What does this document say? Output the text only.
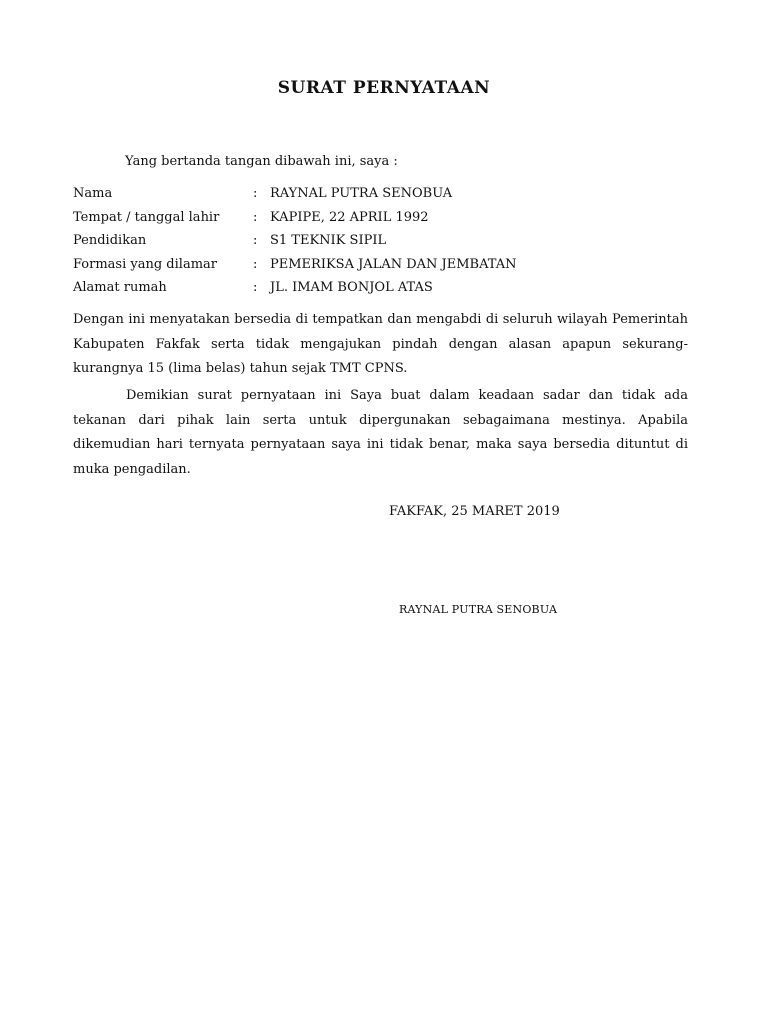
SURAT PERNYATAAN
Yang bertanda tangan dibawah ini, saya :
Nama	: RAYNAL PUTRA SENOBUA
Tempat / tanggal lahir	: KAPIPE, 22 APRIL 1992
Pendidikan	: S1 TEKNIK SIPIL
Formasi yang dilamar	: PEMERIKSA JALAN DAN JEMBATAN
Alamat rumah	: JL. IMAM BONJOL ATAS
Dengan ini menyatakan bersedia di tempatkan dan mengabdi di seluruh wilayah Pemerintah Kabupaten Fakfak serta tidak mengajukan pindah dengan alasan apapun sekurang-kurangnya 15 (lima belas) tahun sejak TMT CPNS.
Demikian surat pernyataan ini Saya buat dalam keadaan sadar dan tidak ada tekanan dari pihak lain serta untuk dipergunakan sebagaimana mestinya. Apabila dikemudian hari ternyata pernyataan saya ini tidak benar, maka saya bersedia dituntut di muka pengadilan.
FAKFAK, 25 MARET 2019
RAYNAL PUTRA SENOBUA
